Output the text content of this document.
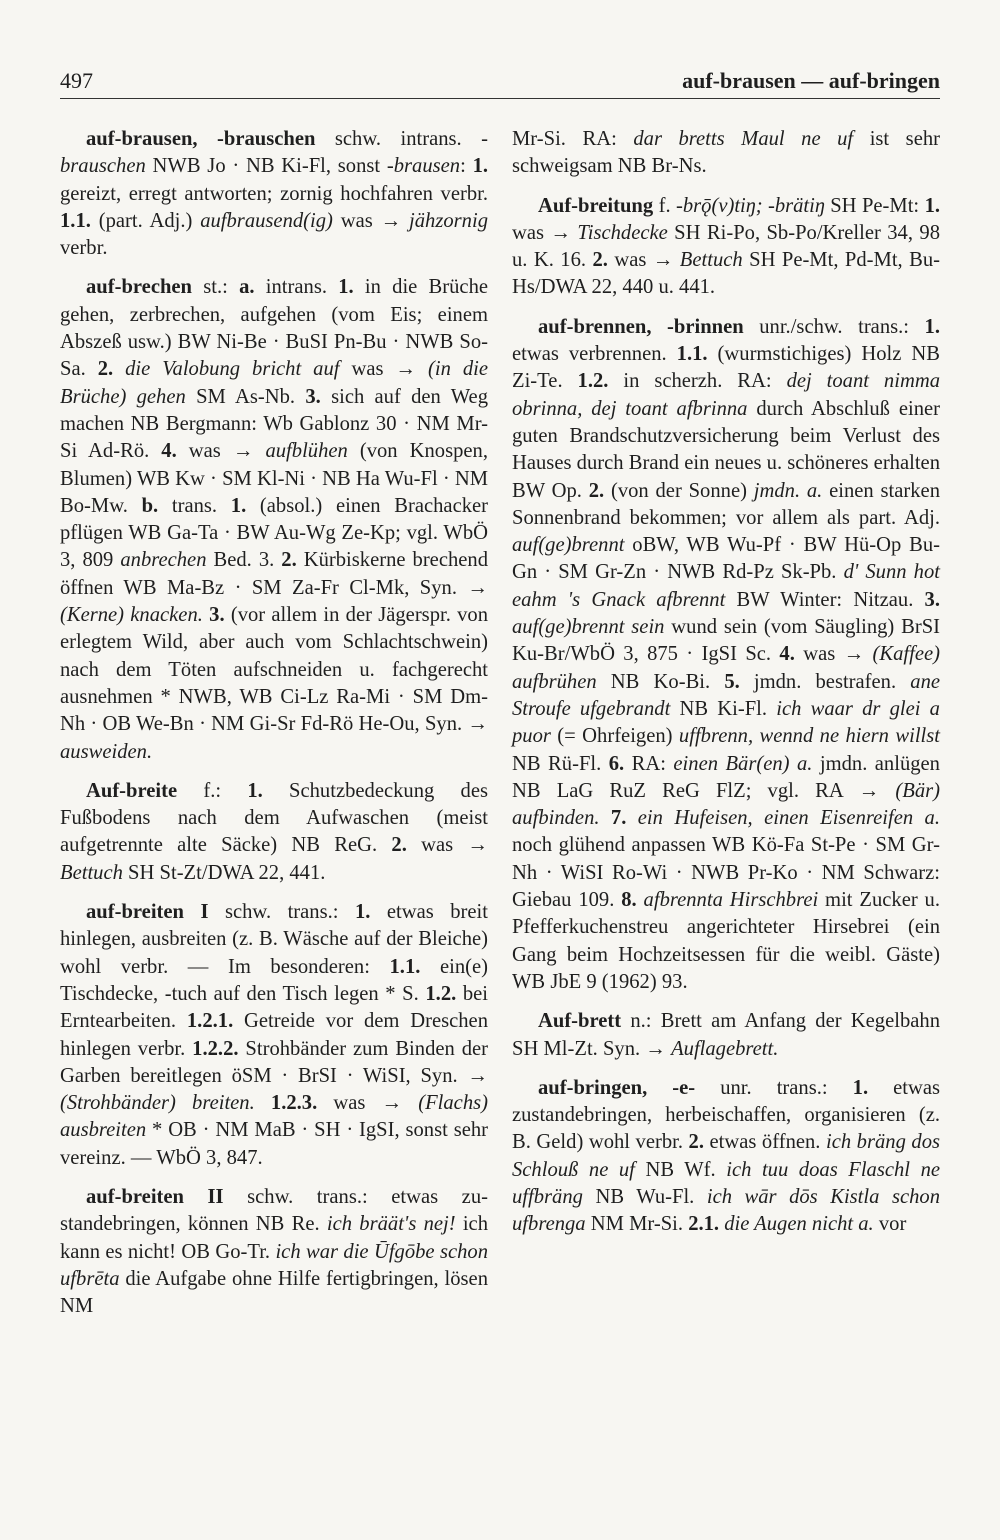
497	auf-brausen — auf-bringen

auf-brausen, -brauschen schw. intrans. -brauschen NWB Jo · NB Ki-Fl, sonst -brausen: 1. gereizt, erregt antworten; zornig hochfahren verbr. 1.1. (part. Adj.) aufbrausend(ig) was → jähzornig verbr.

auf-brechen st.: a. intrans. 1. in die Brüche gehen, zerbrechen, aufgehen (vom Eis; einem Abszeß usw.) BW Ni-Be · BuSI Pn-Bu · NWB So-Sa. 2. die Valobung bricht auf was → (in die Brüche) gehen SM As-Nb. 3. sich auf den Weg machen NB Bergmann: Wb Gablonz 30 · NM Mr-Si Ad-Rö. 4. was → aufblühen (von Knospen, Blumen) WB Kw · SM Kl-Ni · NB Ha Wu-Fl · NM Bo-Mw. b. trans. 1. (absol.) einen Brachacker pflügen WB Ga-Ta · BW Au-Wg Ze-Kp; vgl. WbÖ 3, 809 anbrechen Bed. 3. 2. Kürbiskerne brechend öffnen WB Ma-Bz · SM Za-Fr Cl-Mk, Syn. → (Kerne) knacken. 3. (vor allem in der Jägerspr. von erlegtem Wild, aber auch vom Schlachtschwein) nach dem Töten aufschneiden u. fachgerecht ausnehmen * NWB, WB Ci-Lz Ra-Mi · SM Dm-Nh · OB We-Bn · NM Gi-Sr Fd-Rö He-Ou, Syn. → ausweiden.

Auf-breite f.: 1. Schutzbedeckung des Fußbodens nach dem Aufwaschen (meist aufgetrennte alte Säcke) NB ReG. 2. was → Bettuch SH St-Zt/DWA 22, 441.

auf-breiten I schw. trans.: 1. etwas breit hinlegen, ausbreiten (z. B. Wäsche auf der Bleiche) wohl verbr. — Im besonderen: 1.1. ein(e) Tischdecke, -tuch auf den Tisch legen * S. 1.2. bei Erntearbeiten. 1.2.1. Getreide vor dem Dreschen hinlegen verbr. 1.2.2. Strohbänder zum Binden der Garben bereitlegen öSM · BrSI · WiSI, Syn. → (Strohbänder) breiten. 1.2.3. was → (Flachs) ausbreiten * OB · NM MaB · SH · IgSI, sonst sehr vereinz. — WbÖ 3, 847.

auf-breiten II schw. trans.: etwas zustandebringen, können NB Re. ich bräät's nej! ich kann es nicht! OB Go-Tr. ich war die Ūfgōbe schon ufbrēta die Aufgabe ohne Hilfe fertigbringen, lösen NM

Mr-Si. RA: dar bretts Maul ne uf ist sehr schweigsam NB Br-Ns.

Auf-breitung f. -brǭ(v)tiŋ; -brätiŋ SH Pe-Mt: 1. was → Tischdecke SH Ri-Po, Sb-Po/Kreller 34, 98 u. K. 16. 2. was → Bettuch SH Pe-Mt, Pd-Mt, Bu-Hs/DWA 22, 440 u. 441.

auf-brennen, -brinnen unr./schw. trans.: 1. etwas verbrennen. 1.1. (wurmstichiges) Holz NB Zi-Te. 1.2. in scherzh. RA: dej toant nimma obrinna, dej toant afbrinna durch Abschluß einer guten Brandschutzversicherung beim Verlust des Hauses durch Brand ein neues u. schöneres erhalten BW Op. 2. (von der Sonne) jmdn. a. einen starken Sonnenbrand bekommen; vor allem als part. Adj. auf(ge)brennt oBW, WB Wu-Pf · BW Hü-Op Bu-Gn · SM Gr-Zn · NWB Rd-Pz Sk-Pb. d' Sunn hot eahm 's Gnack afbrennt BW Winter: Nitzau. 3. auf(ge)brennt sein wund sein (vom Säugling) BrSI Ku-Br/WbÖ 3, 875 · IgSI Sc. 4. was → (Kaffee) aufbrühen NB Ko-Bi. 5. jmdn. bestrafen. ane Stroufe ufgebrandt NB Ki-Fl. ich waar dr glei a puor (= Ohrfeigen) uffbrenn, wennd ne hiern willst NB Rü-Fl. 6. RA: einen Bär(en) a. jmdn. anlügen NB LaG RuZ ReG FlZ; vgl. RA → (Bär) aufbinden. 7. ein Hufeisen, einen Eisenreifen a. noch glühend anpassen WB Kö-Fa St-Pe · SM Gr-Nh · WiSI Ro-Wi · NWB Pr-Ko · NM Schwarz: Giebau 109. 8. afbrennta Hirschbrei mit Zucker u. Pfefferkuchenstreu angerichteter Hirsebrei (ein Gang beim Hochzeitsessen für die weibl. Gäste) WB JbE 9 (1962) 93.

Auf-brett n.: Brett am Anfang der Kegelbahn SH Ml-Zt. Syn. → Auflagebrett.

auf-bringen, -e- unr. trans.: 1. etwas zustandebringen, herbeischaffen, organisieren (z. B. Geld) wohl verbr. 2. etwas öffnen. ich bräng dos Schlouß ne uf NB Wf. ich tuu doas Flaschl ne uffbräng NB Wu-Fl. ich wār dōs Kistla schon ufbrenga NM Mr-Si. 2.1. die Augen nicht a. vor
